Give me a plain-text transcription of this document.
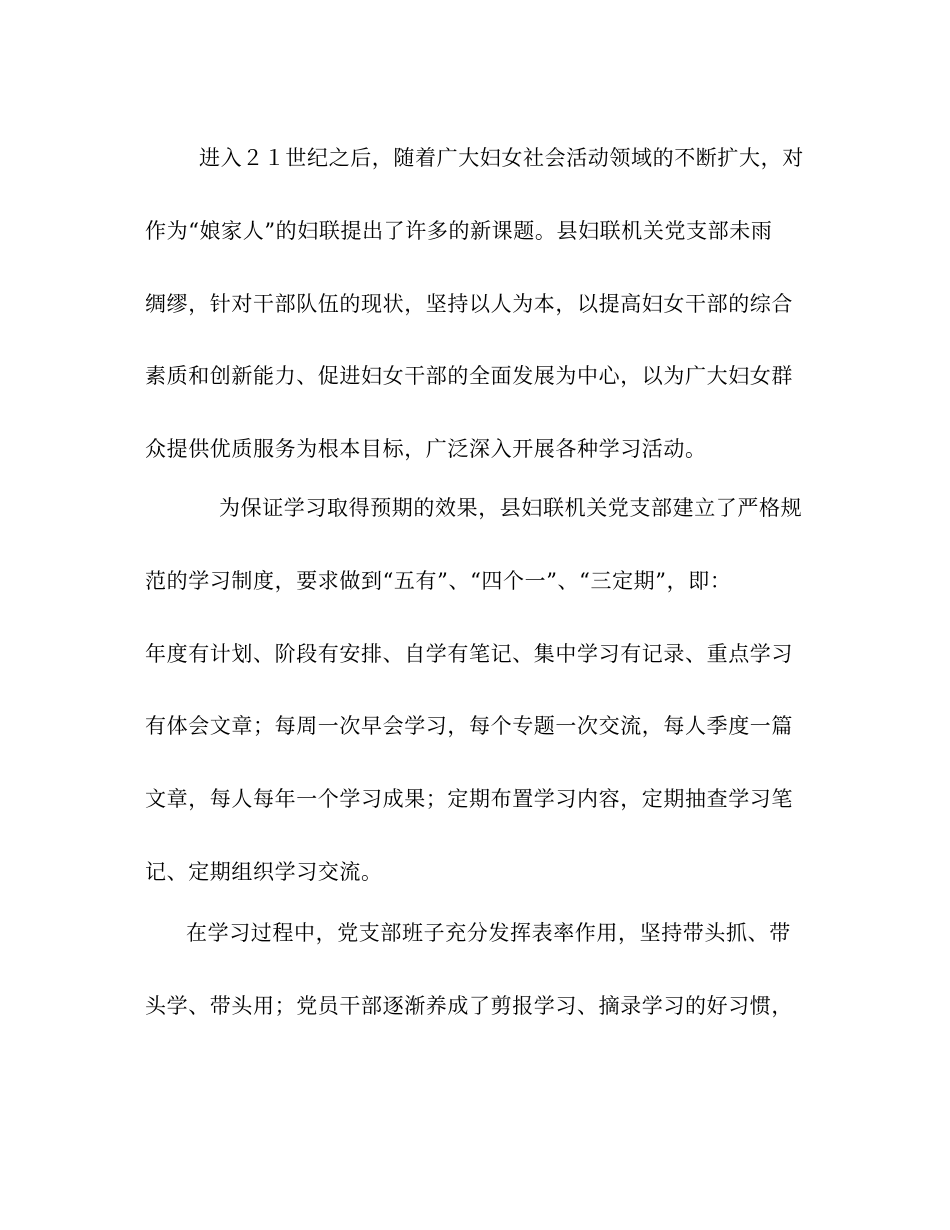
进入２１世纪之后，随着广大妇女社会活动领域的不断扩大，对
作为“娘家人”的妇联提出了许多的新课题。县妇联机关党支部未雨
绸缪，针对干部队伍的现状，坚持以人为本，以提高妇女干部的综合
素质和创新能力、促进妇女干部的全面发展为中心，以为广大妇女群
众提供优质服务为根本目标，广泛深入开展各种学习活动。
为保证学习取得预期的效果，县妇联机关党支部建立了严格规
范的学习制度，要求做到“五有”、“四个一”、“三定期”，即：
年度有计划、阶段有安排、自学有笔记、集中学习有记录、重点学习
有体会文章；每周一次早会学习，每个专题一次交流，每人季度一篇
文章，每人每年一个学习成果；定期布置学习内容，定期抽查学习笔
记、定期组织学习交流。
在学习过程中，党支部班子充分发挥表率作用，坚持带头抓、带
头学、带头用；党员干部逐渐养成了剪报学习、摘录学习的好习惯，
